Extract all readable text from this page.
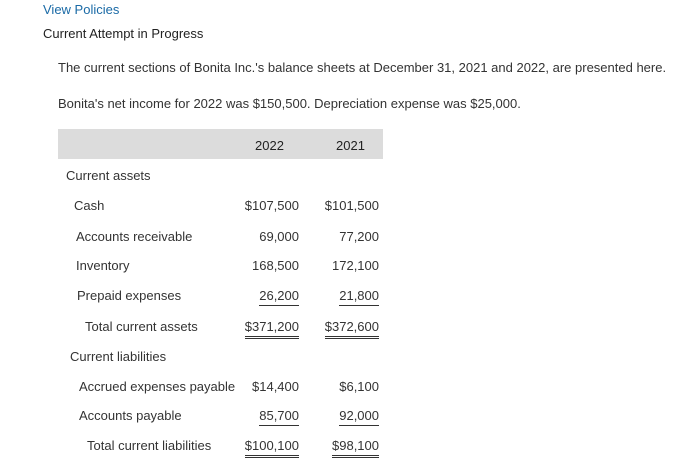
View Policies
Current Attempt in Progress
The current sections of Bonita Inc.'s balance sheets at December 31, 2021 and 2022, are presented here.
Bonita's net income for 2022 was $150,500. Depreciation expense was $25,000.
2022	2021
Current assets
Cash	$107,500 $101,500
Accounts receivable	69,000	77,200
Inventory	168,500	172,100
Prepaid expenses	26,200	21,800
Total current assets	$371,200 $372,600
Current liabilities
Accrued expenses payable $14,400	$6,100
Accounts payable	85,700	92,000
Total current liabilities	$100,100	$98,100
